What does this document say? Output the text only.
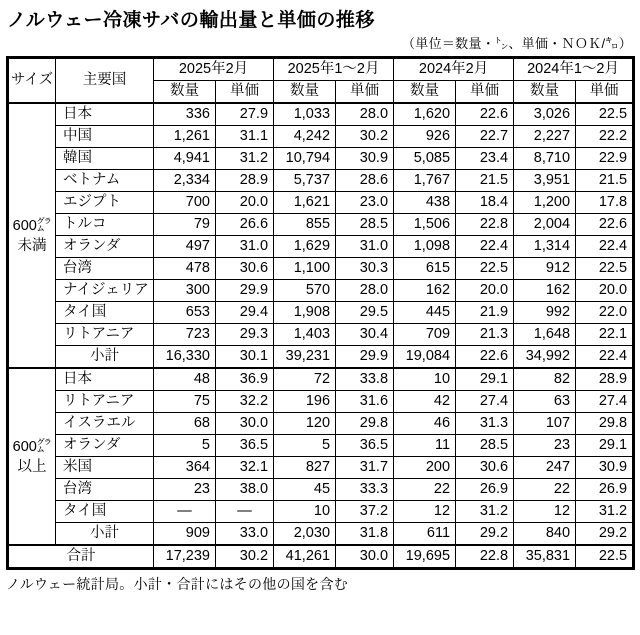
ノルウェー冷凍サバの輸出量と単価の推移
（単位＝数量・㌧、単価・ＮＯＫ/㌔）
サイズ	主要国	2025年2月		2025年1～2月		2024年2月		2024年1～2月	
		数量	単価	数量	単価	数量	単価	数量	単価

600㌘
未満	日本	336	27.9	1,033	28.0	1,620	22.6	3,026	22.5
	中国	1,261	31.1	4,242	30.2	926	22.7	2,227	22.2
	韓国	4,941	31.2	10,794	30.9	5,085	23.4	8,710	22.9
	ベトナム	2,334	28.9	5,737	28.6	1,767	21.5	3,951	21.5
	エジプト	700	20.0	1,621	23.0	438	18.4	1,200	17.8
	トルコ	79	26.6	855	28.5	1,506	22.8	2,004	22.6
	オランダ	497	31.0	1,629	31.0	1,098	22.4	1,314	22.4
	台湾	478	30.6	1,100	30.3	615	22.5	912	22.5
	ナイジェリア	300	29.9	570	28.0	162	20.0	162	20.0
	タイ国	653	29.4	1,908	29.5	445	21.9	992	22.0
	リトアニア	723	29.3	1,403	30.4	709	21.3	1,648	22.1
	小計	16,330	30.1	39,231	29.9	19,084	22.6	34,992	22.4

600㌘
以上	日本	48	36.9	72	33.8	10	29.1	82	28.9
	リトアニア	75	32.2	196	31.6	42	27.4	63	27.4
	イスラエル	68	30.0	120	29.8	46	31.3	107	29.8
	オランダ	5	36.5	5	36.5	11	28.5	23	29.1
	米国	364	32.1	827	31.7	200	30.6	247	30.9
	台湾	23	38.0	45	33.3	22	26.9	22	26.9
	タイ国	—	—	10	37.2	12	31.2	12	31.2
	小計	909	33.0	2,030	31.8	611	29.2	840	29.2
合計		17,239	30.2	41,261	30.0	19,695	22.8	35,831	22.5
ノルウェー統計局。小計・合計にはその他の国を含む
